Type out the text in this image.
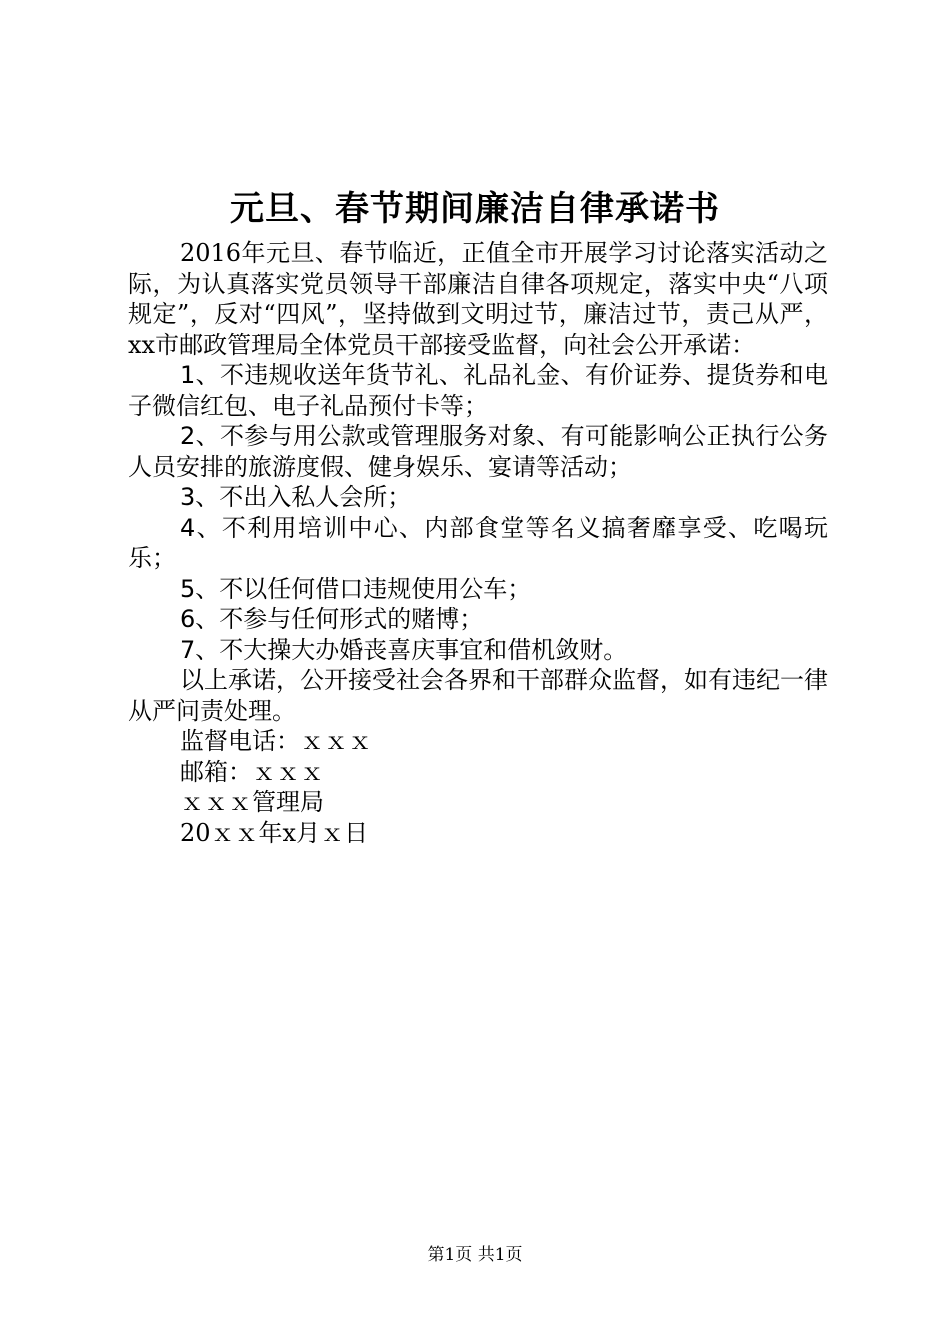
元旦、春节期间廉洁自律承诺书

2016年元旦、春节临近，正值全市开展学习讨论落实活动之际，为认真落实党员领导干部廉洁自律各项规定，落实中央“八项规定”，反对“四风”，坚持做到文明过节，廉洁过节，责己从严，xx市邮政管理局全体党员干部接受监督，向社会公开承诺：

1、不违规收送年货节礼、礼品礼金、有价证券、提货券和电子微信红包、电子礼品预付卡等；

2、不参与用公款或管理服务对象、有可能影响公正执行公务人员安排的旅游度假、健身娱乐、宴请等活动；

3、不出入私人会所；

4、不利用培训中心、内部食堂等名义搞奢靡享受、吃喝玩乐；

5、不以任何借口违规使用公车；

6、不参与任何形式的赌博；

7、不大操大办婚丧喜庆事宜和借机敛财。

以上承诺，公开接受社会各界和干部群众监督，如有违纪一律从严问责处理。

监督电话：ｘｘｘ

邮箱：ｘｘｘ

ｘｘｘ管理局

20ｘｘ年x月ｘ日

第1页 共1页
